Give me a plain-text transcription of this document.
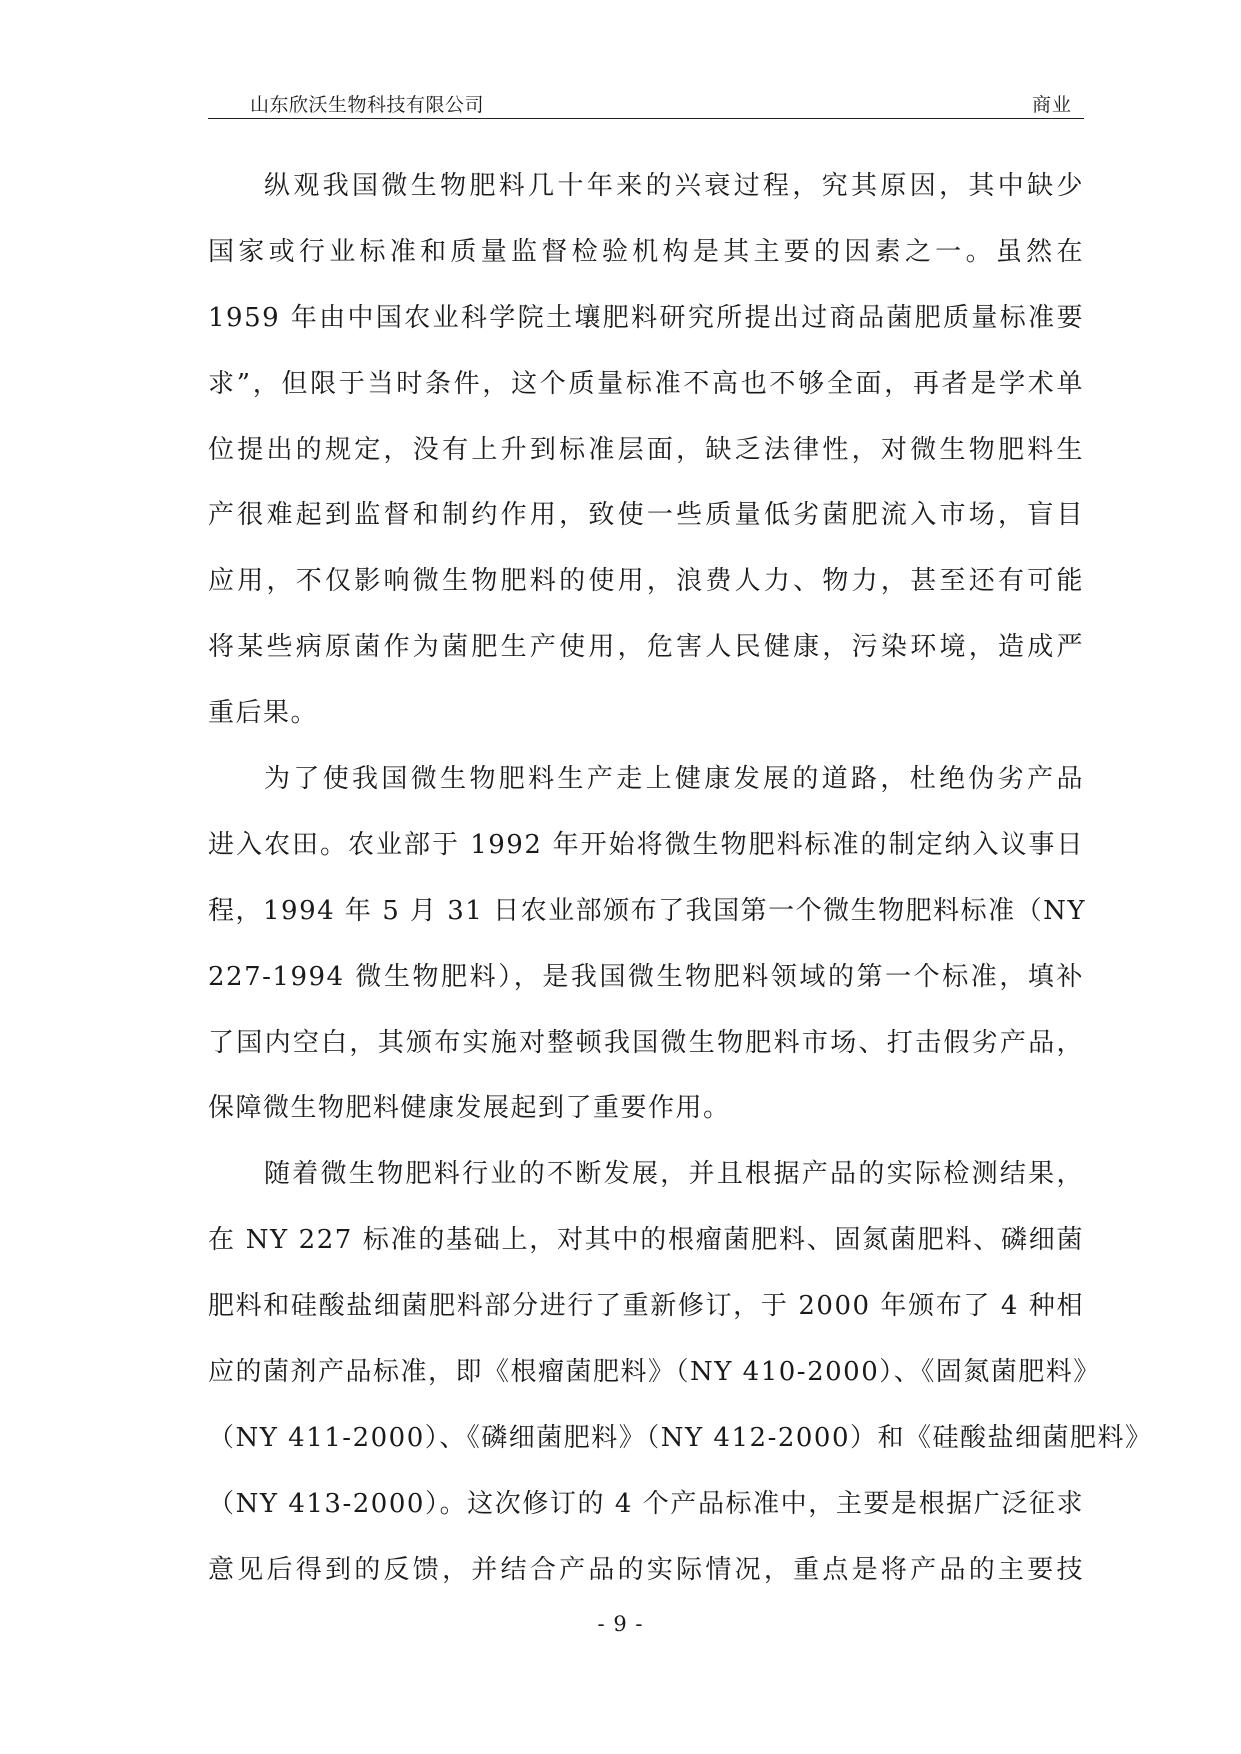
山东欣沃生物科技有限公司	商业
纵观我国微生物肥料几十年来的兴衰过程，究其原因，其中缺少
国家或行业标准和质量监督检验机构是其主要的因素之一。虽然在
1959 年由中国农业科学院土壤肥料研究所提出过商品菌肥质量标准要
求”，但限于当时条件，这个质量标准不高也不够全面，再者是学术单
位提出的规定，没有上升到标准层面，缺乏法律性，对微生物肥料生
产很难起到监督和制约作用，致使一些质量低劣菌肥流入市场，盲目
应用，不仅影响微生物肥料的使用，浪费人力、物力，甚至还有可能
将某些病原菌作为菌肥生产使用，危害人民健康，污染环境，造成严
重后果。
为了使我国微生物肥料生产走上健康发展的道路，杜绝伪劣产品
进入农田。农业部于 1992 年开始将微生物肥料标准的制定纳入议事日
程，1994 年 5 月 31 日农业部颁布了我国第一个微生物肥料标准（NY
227-1994 微生物肥料），是我国微生物肥料领域的第一个标准，填补
了国内空白，其颁布实施对整顿我国微生物肥料市场、打击假劣产品，
保障微生物肥料健康发展起到了重要作用。
随着微生物肥料行业的不断发展，并且根据产品的实际检测结果，
在 NY 227 标准的基础上，对其中的根瘤菌肥料、固氮菌肥料、磷细菌
肥料和硅酸盐细菌肥料部分进行了重新修订，于 2000 年颁布了 4 种相
应的菌剂产品标准，即《根瘤菌肥料》（NY 410-2000）、《固氮菌肥料》
（NY 411-2000）、《磷细菌肥料》（NY 412-2000）和《硅酸盐细菌肥料》
（NY 413-2000）。这次修订的 4 个产品标准中，主要是根据广泛征求
意见后得到的反馈，并结合产品的实际情况，重点是将产品的主要技
- 9 -
